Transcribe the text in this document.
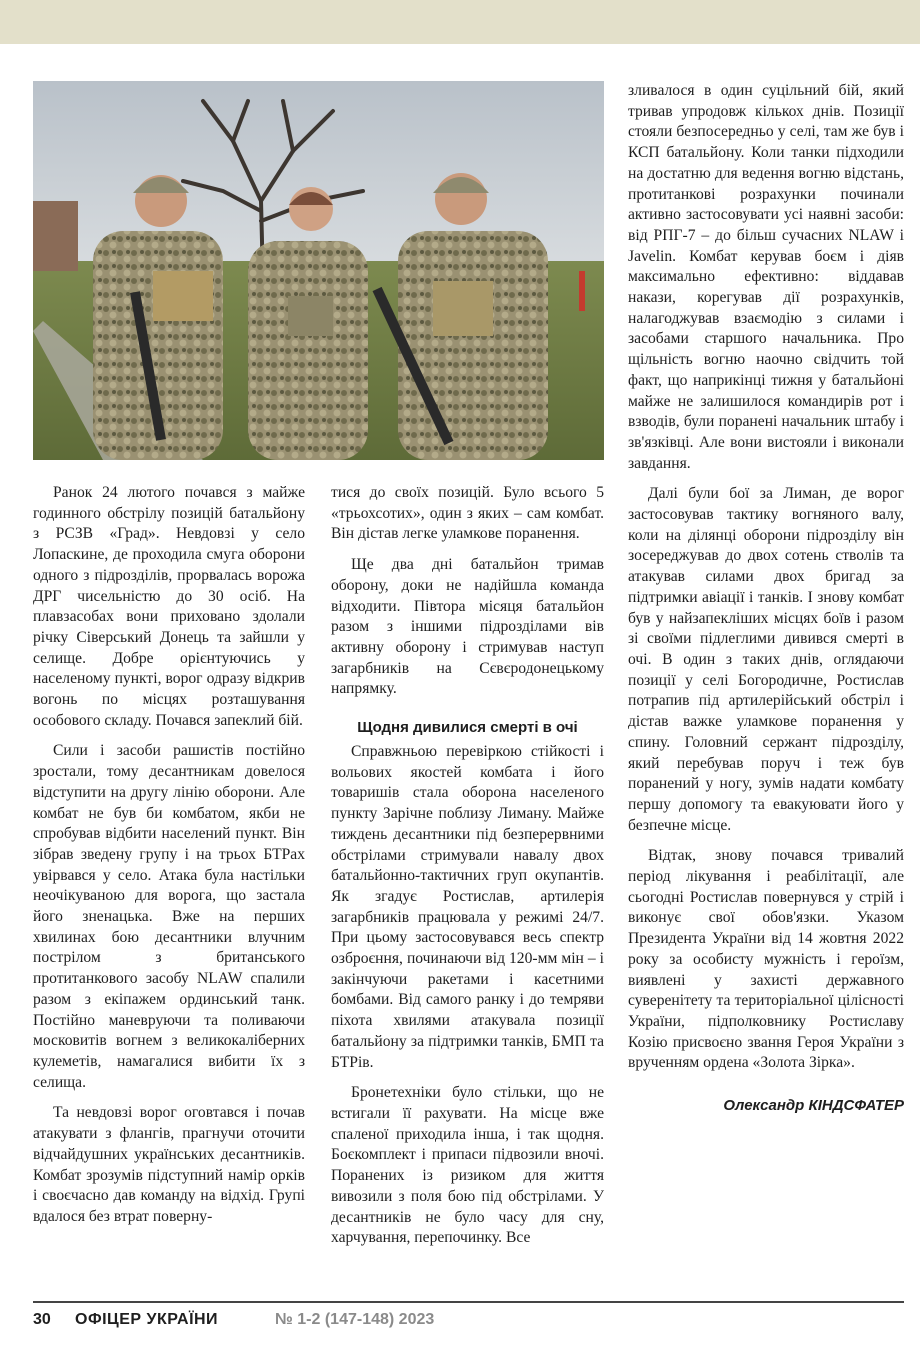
Ранок 24 лютого почався з майже годинного обстрілу позицій батальйону з РСЗВ «Град». Невдовзі у село Лопаскине, де проходила смуга оборони одного з підрозділів, прорвалась ворожа ДРГ чисельністю до 30 осіб. На плавзасобах вони приховано здолали річку Сіверський Донець та зайшли у селище. Добре орієнтуючись у населеному пункті, ворог одразу відкрив вогонь по місцях розташування особового складу. Почався запеклий бій.

Сили і засоби рашистів постійно зростали, тому десантникам довелося відступити на другу лінію оборони. Але комбат не був би комбатом, якби не спробував відбити населений пункт. Він зібрав зведену групу і на трьох БТРах увірвався у село. Атака була настільки неочікуваною для ворога, що застала його зненацька. Вже на перших хвилинах бою десантники влучним пострілом з британського протитанкового засобу NLAW спалили разом з екіпажем ординський танк. Постійно маневруючи та поливаючи московитів вогнем з великокаліберних кулеметів, намагалися вибити їх з селища.

Та невдовзі ворог оговтався і почав атакувати з флангів, прагнучи оточити відчайдушних українських десантників. Комбат зрозумів підступний намір орків і своєчасно дав команду на відхід. Групі вдалося без втрат поверну-

тися до своїх позицій. Було всього 5 «трьохсотих», один з яких – сам комбат. Він дістав легке уламкове поранення.

Ще два дні батальйон тримав оборону, доки не надійшла команда відходити. Півтора місяця батальйон разом з іншими підрозділами вів активну оборону і стримував наступ загарбників на Сєвєродонецькому напрямку.

Щодня дивилися смерті в очі

Справжньою перевіркою стійкості і вольових якостей комбата і його товаришів стала оборона населеного пункту Зарічне поблизу Лиману. Майже тиждень десантники під безперервними обстрілами стримували навалу двох батальйонно-тактичних груп окупантів. Як згадує Ростислав, артилерія загарбників працювала у режимі 24/7. При цьому застосовувався весь спектр озброєння, починаючи від 120-мм мін – і закінчуючи ракетами і касетними бомбами. Від самого ранку і до темряви піхота хвилями атакувала позиції батальйону за підтримки танків, БМП та БТРів.

Бронетехніки було стільки, що не встигали її рахувати. На місце вже спаленої приходила інша, і так щодня. Боєкомплект і припаси підвозили вночі. Поранених із ризиком для життя вивозили з поля бою під обстрілами. У десантників не було часу для сну, харчування, перепочинку. Все

зливалося в один суцільний бій, який тривав упродовж кількох днів. Позиції стояли безпосередньо у селі, там же був і КСП батальйону. Коли танки підходили на достатню для ведення вогню відстань, протитанкові розрахунки починали активно застосовувати усі наявні засоби: від РПГ-7 – до більш сучасних NLAW і Javelin. Комбат керував боєм і діяв максимально ефективно: віддавав накази, корегував дії розрахунків, налагоджував взаємодію з силами і засобами старшого начальника. Про щільність вогню наочно свідчить той факт, що наприкінці тижня у батальйоні майже не залишилося командирів рот і взводів, були поранені начальник штабу і зв'язківці. Але вони вистояли і виконали завдання.

Далі були бої за Лиман, де ворог застосовував тактику вогняного валу, коли на ділянці оборони підрозділу він зосереджував до двох сотень стволів та атакував силами двох бригад за підтримки авіації і танків. І знову комбат був у найзапекліших місцях боїв і разом зі своїми підлеглими дивився смерті в очі. В один з таких днів, оглядаючи позиції у селі Богородичне, Ростислав потрапив під артилерійський обстріл і дістав важке уламкове поранення у спину. Головний сержант підрозділу, який перебував поруч і теж був поранений у ногу, зумів надати комбату першу допомогу та евакуювати його у безпечне місце.

Відтак, знову почався тривалий період лікування і реабілітації, але сьогодні Ростислав повернувся у стрій і виконує свої обов'язки. Указом Президента України від 14 жовтня 2022 року за особисту мужність і героїзм, виявлені у захисті державного суверенітету та територіальної цілісності України, підполковнику Ростиславу Козію присвоєно звання Героя України з врученням ордена «Золота Зірка».

Олександр КІНДСФАТЕР
30 ОФІЦЕР УКРАЇНИ	№ 1-2 (147-148) 2023
